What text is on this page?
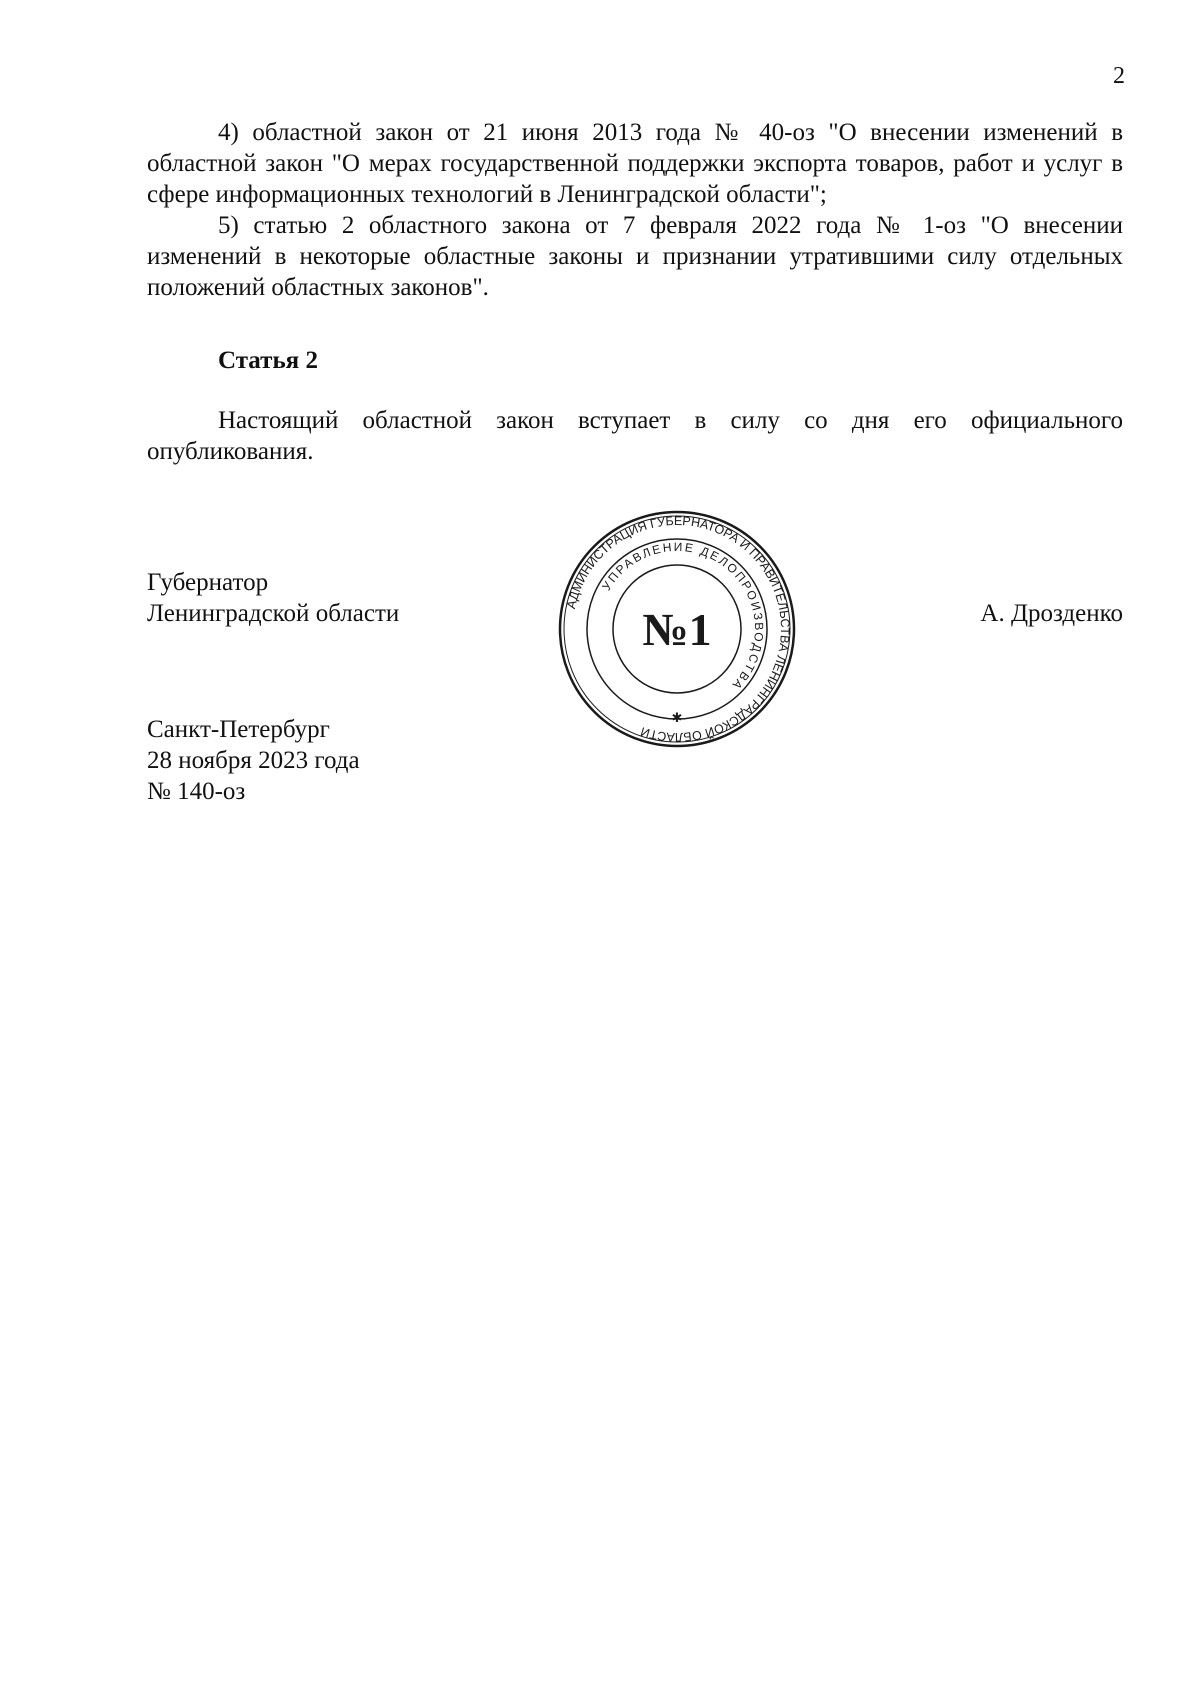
2

4) областной закон от 21 июня 2013 года № 40-оз "О внесении изменений в областной закон "О мерах государственной поддержки экспорта товаров, работ и услуг в сфере информационных технологий в Ленинградской области";

5) статью 2 областного закона от 7 февраля 2022 года № 1-оз "О внесении изменений в некоторые областные законы и признании утратившими силу отдельных положений областных законов".

Статья 2

Настоящий областной закон вступает в силу со дня его официального опубликования.

Губернатор
Ленинградской области	АДМИНИСТРАЦИЯ ГУБЕРНАТОРА И ПРАВИТЕЛЬСТВА ЛЕНИНГРАДСКОЙ ОБЛАСТИ
УПРАВЛЕНИЕ ДЕЛОПРОИЗВОДСТВА
✱
№1	А. Дрозденко
Санкт-Петербург
28 ноября 2023 года
№ 140-оз
